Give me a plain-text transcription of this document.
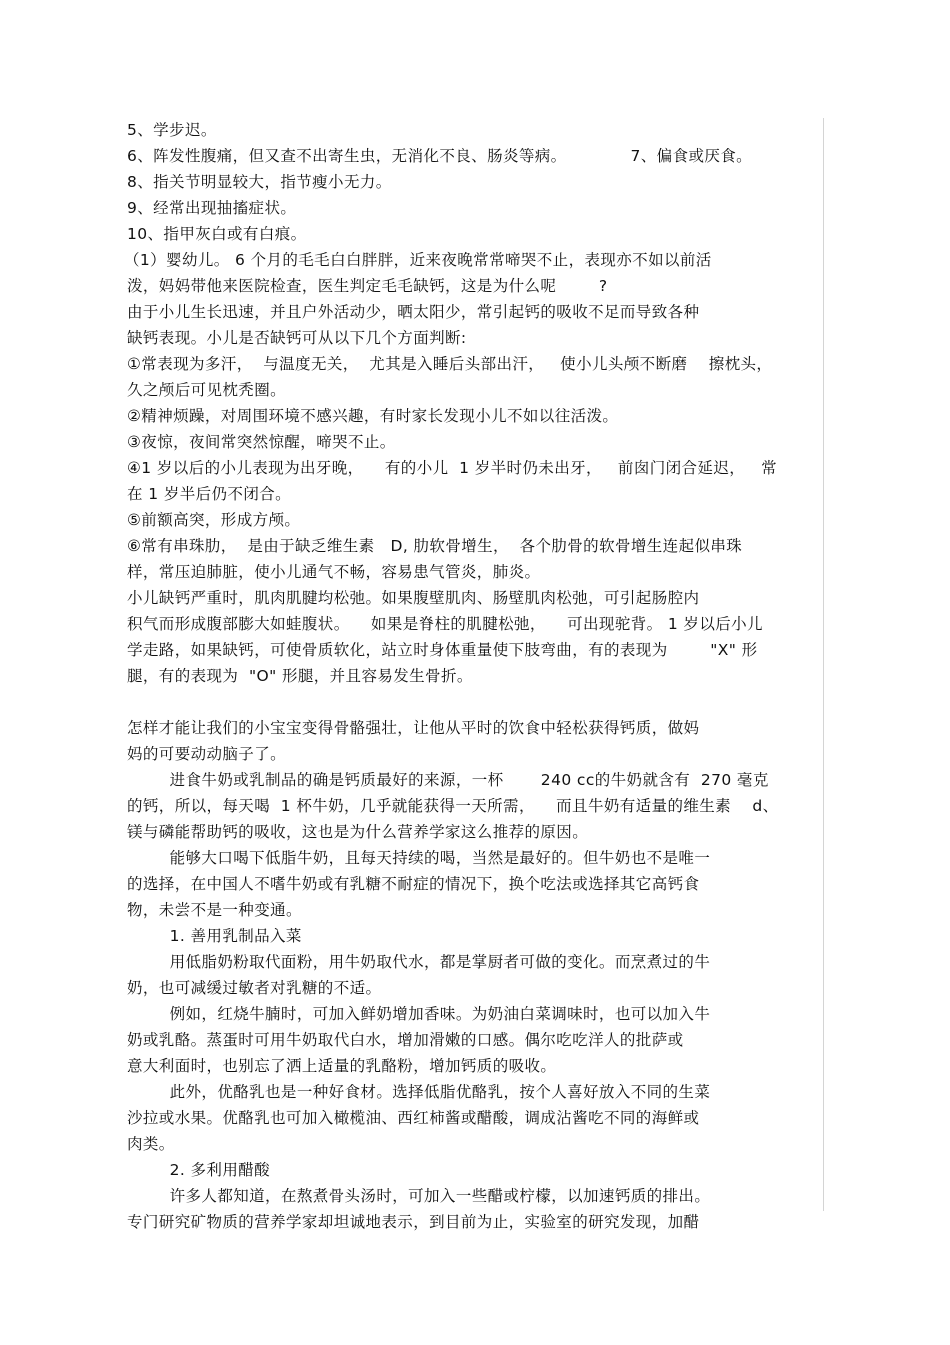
5、学步迟。
6、阵发性腹痛，但又查不出寄生虫，无消化不良、肠炎等病。            7、偏食或厌食。
8、指关节明显较大，指节瘦小无力。
9、经常出现抽搐症状。
10、指甲灰白或有白痕。
（1）婴幼儿。 6 个月的毛毛白白胖胖，近来夜晚常常啼哭不止，表现亦不如以前活
泼，妈妈带他来医院检查，医生判定毛毛缺钙，这是为什么呢        ?
由于小儿生长迅速，并且户外活动少，晒太阳少，常引起钙的吸收不足而导致各种
缺钙表现。小儿是否缺钙可从以下几个方面判断:
①常表现为多汗，  与温度无关，  尤其是入睡后头部出汗，   使小儿头颅不断磨    擦枕头，
久之颅后可见枕秃圈。
②精神烦躁，对周围环境不感兴趣，有时家长发现小儿不如以往活泼。
③夜惊，夜间常突然惊醒，啼哭不止。
④1 岁以后的小儿表现为出牙晚，    有的小儿  1 岁半时仍未出牙，   前囱门闭合延迟，   常
在 1 岁半后仍不闭合。
⑤前额高突，形成方颅。
⑥常有串珠肋，  是由于缺乏维生素   D, 肋软骨增生，  各个肋骨的软骨增生连起似串珠
样，常压迫肺脏，使小儿通气不畅，容易患气管炎，肺炎。
小儿缺钙严重时，肌肉肌腱均松弛。如果腹壁肌肉、肠壁肌肉松弛，可引起肠腔内
积气而形成腹部膨大如蛙腹状。    如果是脊柱的肌腱松弛，    可出现驼背。 1 岁以后小儿
学走路，如果缺钙，可使骨质软化，站立时身体重量使下肢弯曲，有的表现为        "X" 形
腿，有的表现为  "O" 形腿，并且容易发生骨折。
怎样才能让我们的小宝宝变得骨骼强壮，让他从平时的饮食中轻松获得钙质，做妈
妈的可要动动脑子了。
进食牛奶或乳制品的确是钙质最好的来源，一杯       240 cc的牛奶就含有  270 毫克
的钙，所以，每天喝  1 杯牛奶，几乎就能获得一天所需，    而且牛奶有适量的维生素    d、
镁与磷能帮助钙的吸收，这也是为什么营养学家这么推荐的原因。
能够大口喝下低脂牛奶，且每天持续的喝，当然是最好的。但牛奶也不是唯一
的选择，在中国人不嗜牛奶或有乳糖不耐症的情况下，换个吃法或选择其它高钙食
物，未尝不是一种变通。
1. 善用乳制品入菜
用低脂奶粉取代面粉，用牛奶取代水，都是掌厨者可做的变化。而烹煮过的牛
奶，也可减缓过敏者对乳糖的不适。
例如，红烧牛腩时，可加入鲜奶增加香味。为奶油白菜调味时，也可以加入牛
奶或乳酪。蒸蛋时可用牛奶取代白水，增加滑嫩的口感。偶尔吃吃洋人的批萨或
意大利面时，也别忘了洒上适量的乳酪粉，增加钙质的吸收。
此外，优酪乳也是一种好食材。选择低脂优酪乳，按个人喜好放入不同的生菜
沙拉或水果。优酪乳也可加入橄榄油、西红柿酱或醋酸，调成沾酱吃不同的海鲜或
肉类。
2. 多利用醋酸
许多人都知道，在熬煮骨头汤时，可加入一些醋或柠檬，以加速钙质的排出。
专门研究矿物质的营养学家却坦诚地表示，到目前为止，实验室的研究发现，加醋
